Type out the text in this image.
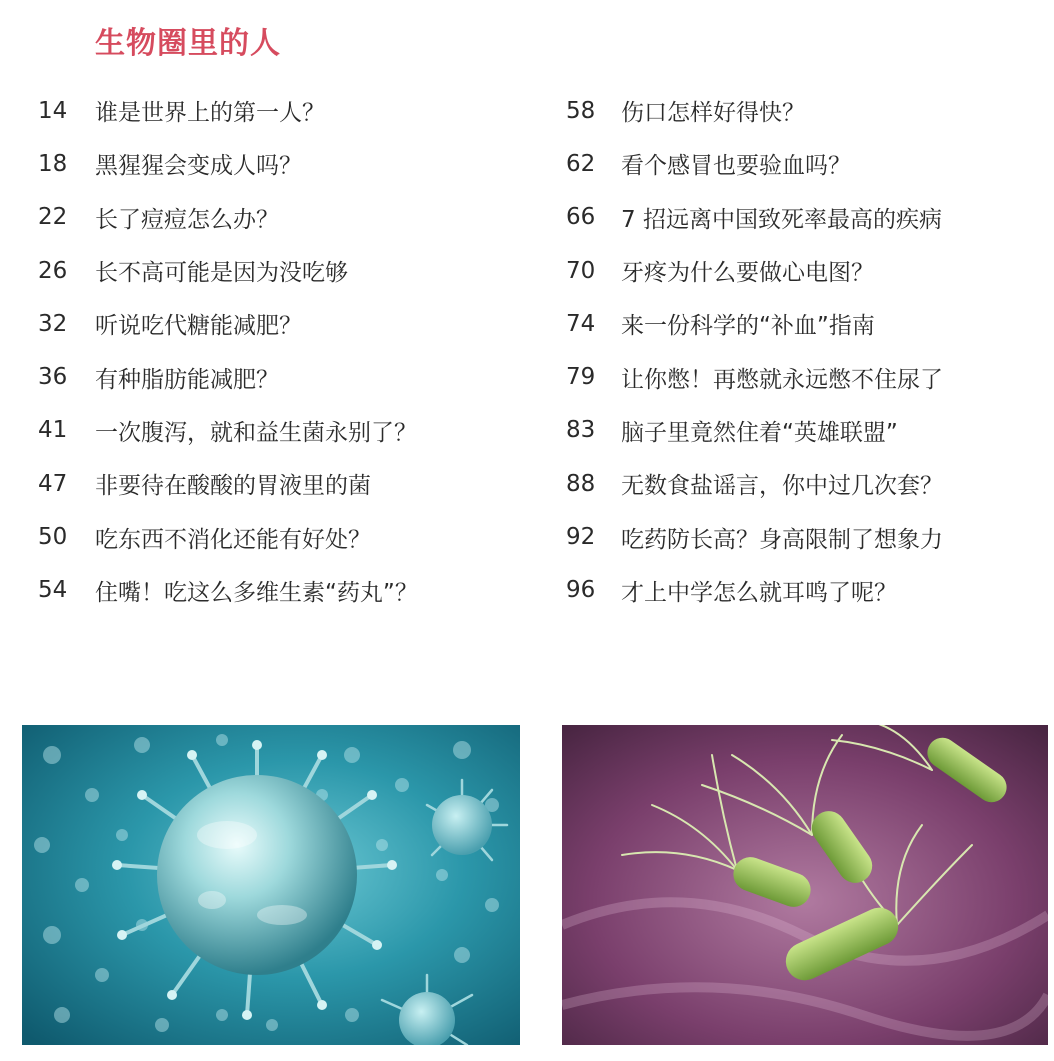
生物圈里的人
14	谁是世界上的第一人？
18	黑猩猩会变成人吗？
22	长了痘痘怎么办？
26	长不高可能是因为没吃够
32	听说吃代糖能减肥？
36	有种脂肪能减肥？
41	一次腹泻，就和益生菌永别了？
47	非要待在酸酸的胃液里的菌
50	吃东西不消化还能有好处？
54	住嘴！吃这么多维生素“药丸”？
58	伤口怎样好得快？
62	看个感冒也要验血吗？
66	7 招远离中国致死率最高的疾病
70	牙疼为什么要做心电图？
74	来一份科学的“补血”指南
79	让你憋！再憋就永远憋不住尿了
83	脑子里竟然住着“英雄联盟”
88	无数食盐谣言，你中过几次套？
92	吃药防长高？身高限制了想象力
96	才上中学怎么就耳鸣了呢？
